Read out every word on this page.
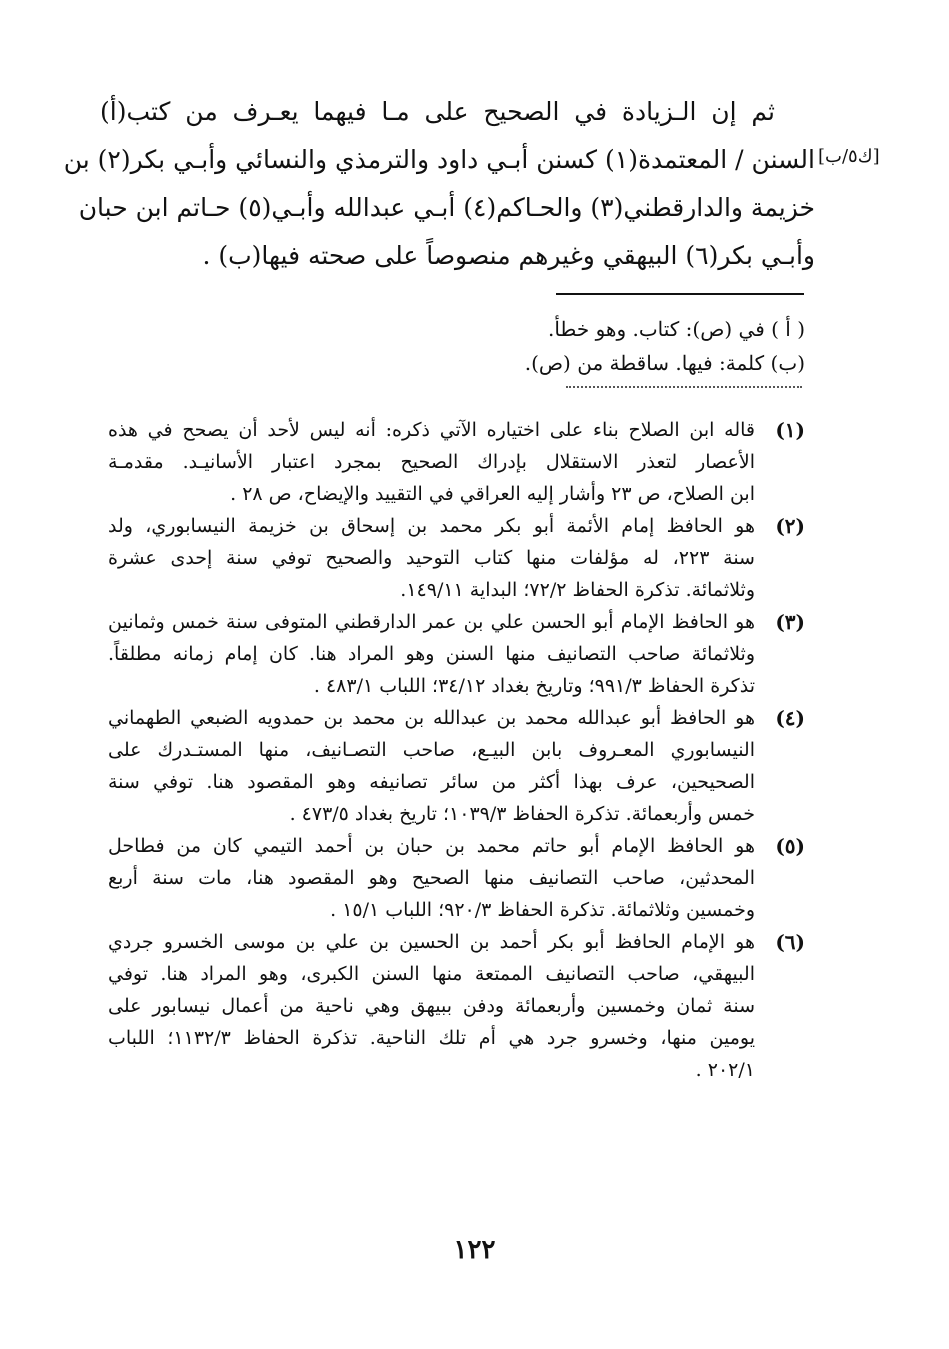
ثم إن الـزيادة في الصحيح على مـا فيهما يعـرف من كتب(أ)
السنن / المعتمدة(١) كسنن أبـي داود والترمذي والنسائي وأبـي بكر(٢) بن
خزيمة والدارقطني(٣) والحـاكم(٤) أبـي عبدالله وأبـي(٥) حـاتم ابن حبان
وأبـي بكر(٦) البيهقي وغيرهم منصوصاً على صحته فيها(ب) .
[ك٥/ب]
( أ ) في (ص): كتاب. وهو خطأ.
(ب) كلمة: فيها. ساقطة من (ص).
(١)
قاله ابن الصلاح بناء على اختياره الآتي ذكره: أنه ليس لأحد أن يصحح في هذه
الأعصار لتعذر الاستقلال بإدراك الصحيح بمجرد اعتبار الأسانيـد. مقدمـة
ابن الصلاح، ص ٢٣ وأشار إليه العراقي في التقييد والإيضاح، ص ٢٨ .
(٢)
هو الحافظ إمام الأئمة أبو بكر محمد بن إسحاق بن خزيمة النيسابوري، ولد
سنة ٢٢٣، له مؤلفات منها كتاب التوحيد والصحيح توفي سنة إحدى عشرة
وثلاثمائة. تذكرة الحفاظ ٧٢/٢؛ البداية ١٤٩/١١.
(٣)
هو الحافظ الإمام أبو الحسن علي بن عمر الدارقطني المتوفى سنة خمس وثمانين
وثلاثمائة صاحب التصانيف منها السنن وهو المراد هنا. كان إمام زمانه مطلقاً.
تذكرة الحفاظ ٩٩١/٣؛ وتاريخ بغداد ٣٤/١٢؛ اللباب ٤٨٣/١ .
(٤)
هو الحافظ أبو عبدالله محمد بن عبدالله بن محمد بن حمدويه الضبعي الطهماني
النيسابوري المعـروف بابن البيـع، صاحب التصـانيف، منها المستـدرك على
الصحيحين، عرف بهذا أكثر من سائر تصانيفه وهو المقصود هنا. توفي سنة
خمس وأربعمائة. تذكرة الحفاظ ١٠٣٩/٣؛ تاريخ بغداد ٤٧٣/٥ .
(٥)
هو الحافظ الإمام أبو حاتم محمد بن حبان بن أحمد التيمي كان من فطاحل
المحدثين، صاحب التصانيف منها الصحيح وهو المقصود هنا، مات سنة أربع
وخمسين وثلاثمائة. تذكرة الحفاظ ٩٢٠/٣؛ اللباب ١٥/١ .
(٦)
هو الإمام الحافظ أبو بكر أحمد بن الحسين بن علي بن موسى الخسرو جردي
البيهقي، صاحب التصانيف الممتعة منها السنن الكبرى، وهو المراد هنا. توفي
سنة ثمان وخمسين وأربعمائة ودفن ببيهق وهي ناحية من أعمال نيسابور على
يومين منها، وخسرو جرد هي أم تلك الناحية. تذكرة الحفاظ ١١٣٢/٣؛ اللباب
٢٠٢/١ .
١٢٢
